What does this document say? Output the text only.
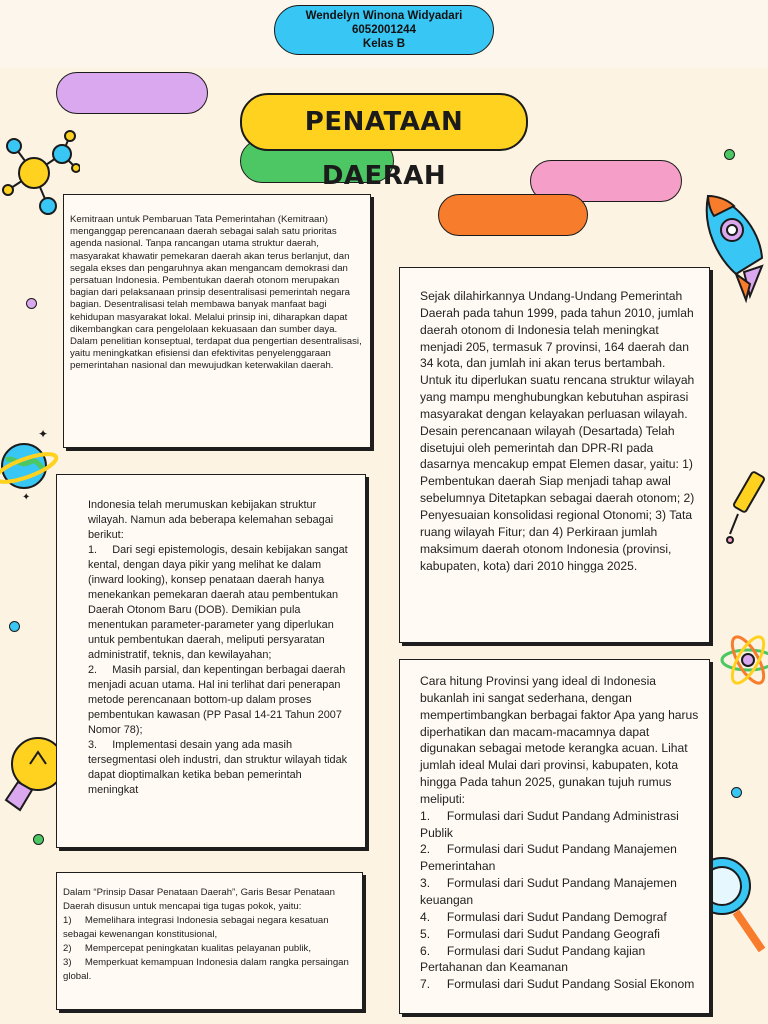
Wendelyn Winona Widyadari
6052001244
Kelas B
PENATAAN DAERAH
✦
✦
Kemitraan untuk Pembaruan Tata Pemerintahan (Kemitraan) menganggap perencanaan daerah sebagai salah satu prioritas agenda nasional. Tanpa rancangan utama struktur daerah, masyarakat khawatir pemekaran daerah akan terus berlanjut, dan segala ekses dan pengaruhnya akan mengancam demokrasi dan persatuan Indonesia. Pembentukan daerah otonom merupakan bagian dari pelaksanaan prinsip desentralisasi pemerintah negara bagian. Desentralisasi telah membawa banyak manfaat bagi kehidupan masyarakat lokal. Melalui prinsip ini, diharapkan dapat dikembangkan cara pengelolaan kekuasaan dan sumber daya. Dalam penelitian konseptual, terdapat dua pengertian desentralisasi, yaitu meningkatkan efisiensi dan efektivitas penyelenggaraan pemerintahan nasional dan mewujudkan keterwakilan daerah.
Indonesia telah merumuskan kebijakan struktur wilayah. Namun ada beberapa kelemahan sebagai berikut:
1.     Dari segi epistemologis, desain kebijakan sangat kental, dengan daya pikir yang melihat ke dalam (inward looking), konsep penataan daerah hanya menekankan pemekaran daerah atau pembentukan Daerah Otonom Baru (DOB). Demikian pula menentukan parameter-parameter yang diperlukan untuk pembentukan daerah, meliputi persyaratan administratif, teknis, dan kewilayahan;
2.     Masih parsial, dan kepentingan berbagai daerah menjadi acuan utama. Hal ini terlihat dari penerapan metode perencanaan bottom-up dalam proses pembentukan kawasan (PP Pasal 14-21 Tahun 2007 Nomor 78);
3.     Implementasi desain yang ada masih tersegmentasi oleh industri, dan struktur wilayah tidak dapat dioptimalkan ketika beban pemerintah meningkat
Dalam “Prinsip Dasar Penataan Daerah”, Garis Besar Penataan Daerah disusun untuk mencapai tiga tugas pokok, yaitu:
1)     Memelihara integrasi Indonesia sebagai negara kesatuan sebagai kewenangan konstitusional,
2)     Mempercepat peningkatan kualitas pelayanan publik,
3)     Memperkuat kemampuan Indonesia dalam rangka persaingan global.
Sejak dilahirkannya Undang-Undang Pemerintah Daerah pada tahun 1999, pada tahun 2010, jumlah daerah otonom di Indonesia telah meningkat menjadi 205, termasuk 7 provinsi, 164 daerah dan 34 kota, dan jumlah ini akan terus bertambah. Untuk itu diperlukan suatu rencana struktur wilayah yang mampu menghubungkan kebutuhan aspirasi masyarakat dengan kelayakan perluasan wilayah. Desain perencanaan wilayah (Desartada) Telah disetujui oleh pemerintah dan DPR-RI pada dasarnya mencakup empat Elemen dasar, yaitu: 1) Pembentukan daerah Siap menjadi tahap awal sebelumnya Ditetapkan sebagai daerah otonom; 2) Penyesuaian konsolidasi regional Otonomi; 3) Tata ruang wilayah Fitur; dan 4) Perkiraan jumlah maksimum daerah otonom Indonesia (provinsi, kabupaten, kota) dari 2010 hingga 2025.
Cara hitung Provinsi yang ideal di Indonesia bukanlah ini sangat sederhana, dengan mempertimbangkan berbagai faktor Apa yang harus diperhatikan dan macam-macamnya dapat digunakan sebagai metode kerangka acuan. Lihat jumlah ideal Mulai dari provinsi, kabupaten, kota hingga Pada tahun 2025, gunakan tujuh rumus meliputi:
1.     Formulasi dari Sudut Pandang Administrasi Publik
2.     Formulasi dari Sudut Pandang Manajemen Pemerintahan
3.     Formulasi dari Sudut Pandang Manajemen keuangan
4.     Formulasi dari Sudut Pandang Demograf
5.     Formulasi dari Sudut Pandang Geografi
6.     Formulasi dari Sudut Pandang kajian Pertahanan dan Keamanan
7.     Formulasi dari Sudut Pandang Sosial Ekonom
